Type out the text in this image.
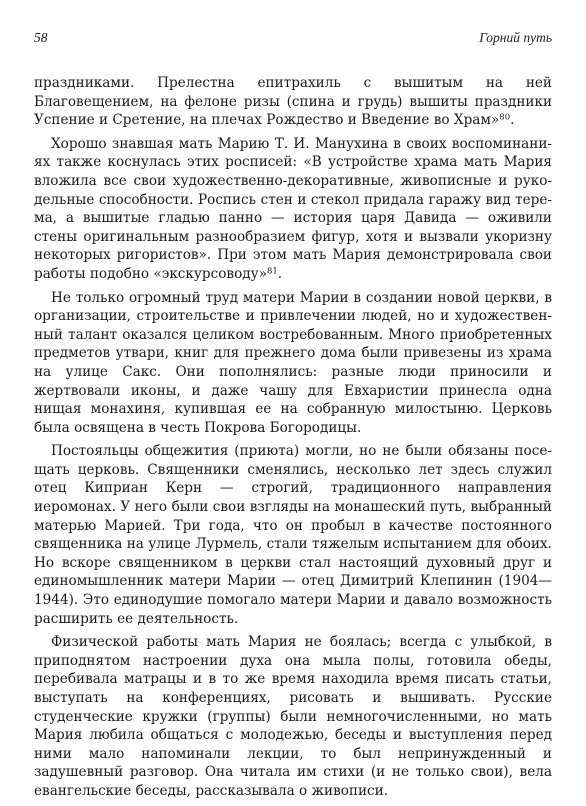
58	Горний путь

праздниками. Прелестна епитрахиль с вышитым на ней Благовещением, на фелоне ризы (спина и грудь) вышиты праздники Успение и Сретение, на плечах Рождество и Введение во Храм»$^{80}$.

Хорошо знавшая мать Марию Т. И. Манухина в своих воспоминаниях также коснулась этих росписей: «В устройстве храма мать Мария вложила все свои художественно-декоративные, живописные и рукодельные способности. Роспись стен и стекол придала гаражу вид терема, а вышитые гладью панно — история царя Давида — оживили стены оригинальным разнообразием фигур, хотя и вызвали укоризну некоторых ригористов». При этом мать Мария демонстрировала свои работы подобно «экскурсоводу»$^{81}$.

Не только огромный труд матери Марии в создании новой церкви, в организации, строительстве и привлечении людей, но и художественный талант оказался целиком востребованным. Много приобретенных предметов утвари, книг для прежнего дома были привезены из храма на улице Сакс. Они пополнялись: разные люди приносили и жертвовали иконы, и даже чашу для Евхаристии принесла одна нищая монахиня, купившая ее на собранную милостыню. Церковь была освящена в честь Покрова Богородицы.

Постояльцы общежития (приюта) могли, но не были обязаны посещать церковь. Священники сменялись, несколько лет здесь служил отец Киприан Керн — строгий, традиционного направления иеромонах. У него были свои взгляды на монашеский путь, выбранный матерью Марией. Три года, что он пробыл в качестве постоянного священника на улице Лурмель, стали тяжелым испытанием для обоих. Но вскоре священником в церкви стал настоящий духовный друг и единомышленник матери Марии — отец Димитрий Клепинин (1904—1944). Это единодушие помогало матери Марии и давало возможность расширить ее деятельность.

Физической работы мать Мария не боялась; всегда с улыбкой, в приподнятом настроении духа она мыла полы, готовила обеды, перебивала матрацы и в то же время находила время писать статьи, выступать на конференциях, рисовать и вышивать. Русские студенческие кружки (группы) были немногочисленными, но мать Мария любила общаться с молодежью, беседы и выступления перед ними мало напоминали лекции, то был непринужденный и задушевный разговор. Она читала им стихи (и не только свои), вела евангельские беседы, рассказывала о живописи.
